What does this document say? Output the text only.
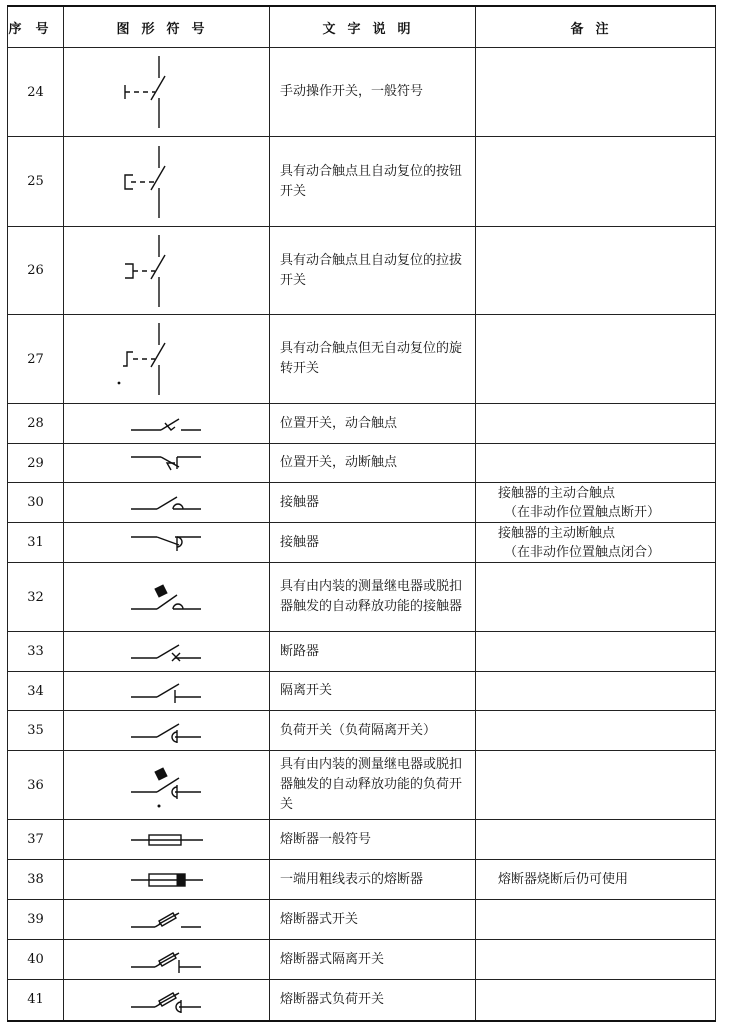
序号	图形符号	文字说明	备注
24		手动操作开关，一般符号	
25		具有动合触点且自动复位的按钮开关	
26		具有动合触点且自动复位的拉拔开关	
27		具有动合触点但无自动复位的旋转开关	
28		位置开关，动合触点	
29		位置开关，动断触点	
30		接触器	接触器的主动合触点
（在非动作位置触点断开）

31		接触器	接触器的主动断触点
（在非动作位置触点闭合）

32		具有由内装的测量继电器或脱扣器触发的自动释放功能的接触器	
33		断路器	
34		隔离开关	
35		负荷开关（负荷隔离开关）	
36		具有由内装的测量继电器或脱扣器触发的自动释放功能的负荷开关	
37		熔断器一般符号	
38		一端用粗线表示的熔断器	熔断器烧断后仍可使用
39		熔断器式开关	
40		熔断器式隔离开关	
41		熔断器式负荷开关	
